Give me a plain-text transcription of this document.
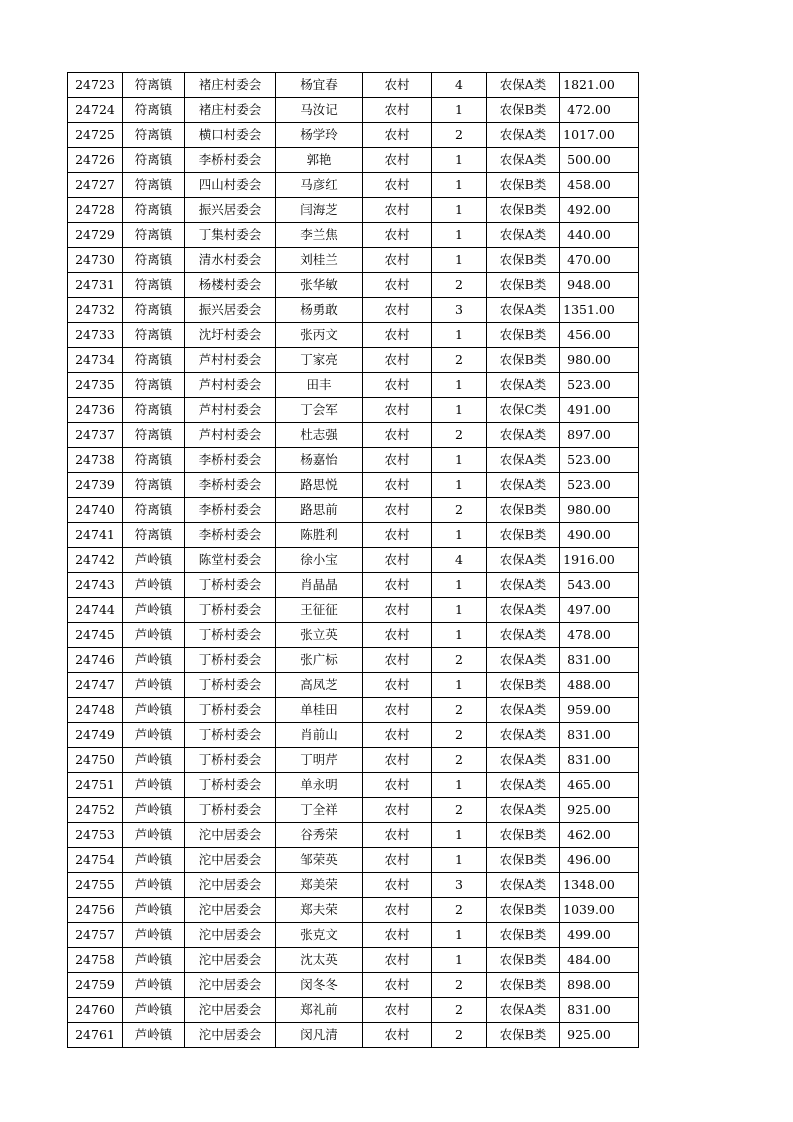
24723	符离镇	褚庄村委会	杨宜春	农村	4	农保A类	1821.00
24724	符离镇	褚庄村委会	马汝记	农村	1	农保B类	472.00
24725	符离镇	横口村委会	杨学玲	农村	2	农保A类	1017.00
24726	符离镇	李桥村委会	郭艳	农村	1	农保A类	500.00
24727	符离镇	四山村委会	马彦红	农村	1	农保B类	458.00
24728	符离镇	振兴居委会	闫海芝	农村	1	农保B类	492.00
24729	符离镇	丁集村委会	李兰焦	农村	1	农保A类	440.00
24730	符离镇	清水村委会	刘桂兰	农村	1	农保B类	470.00
24731	符离镇	杨楼村委会	张华敏	农村	2	农保B类	948.00
24732	符离镇	振兴居委会	杨勇敢	农村	3	农保A类	1351.00
24733	符离镇	沈圩村委会	张丙文	农村	1	农保B类	456.00
24734	符离镇	芦村村委会	丁家亮	农村	2	农保B类	980.00
24735	符离镇	芦村村委会	田丰	农村	1	农保A类	523.00
24736	符离镇	芦村村委会	丁会军	农村	1	农保C类	491.00
24737	符离镇	芦村村委会	杜志强	农村	2	农保A类	897.00
24738	符离镇	李桥村委会	杨嘉怡	农村	1	农保A类	523.00
24739	符离镇	李桥村委会	路思悦	农村	1	农保A类	523.00
24740	符离镇	李桥村委会	路思前	农村	2	农保B类	980.00
24741	符离镇	李桥村委会	陈胜利	农村	1	农保B类	490.00
24742	芦岭镇	陈堂村委会	徐小宝	农村	4	农保A类	1916.00
24743	芦岭镇	丁桥村委会	肖晶晶	农村	1	农保A类	543.00
24744	芦岭镇	丁桥村委会	王征征	农村	1	农保A类	497.00
24745	芦岭镇	丁桥村委会	张立英	农村	1	农保A类	478.00
24746	芦岭镇	丁桥村委会	张广标	农村	2	农保A类	831.00
24747	芦岭镇	丁桥村委会	高凤芝	农村	1	农保B类	488.00
24748	芦岭镇	丁桥村委会	单桂田	农村	2	农保A类	959.00
24749	芦岭镇	丁桥村委会	肖前山	农村	2	农保A类	831.00
24750	芦岭镇	丁桥村委会	丁明芹	农村	2	农保A类	831.00
24751	芦岭镇	丁桥村委会	单永明	农村	1	农保A类	465.00
24752	芦岭镇	丁桥村委会	丁全祥	农村	2	农保A类	925.00
24753	芦岭镇	沱中居委会	谷秀荣	农村	1	农保B类	462.00
24754	芦岭镇	沱中居委会	邹荣英	农村	1	农保B类	496.00
24755	芦岭镇	沱中居委会	郑美荣	农村	3	农保A类	1348.00
24756	芦岭镇	沱中居委会	郑夫荣	农村	2	农保B类	1039.00
24757	芦岭镇	沱中居委会	张克文	农村	1	农保B类	499.00
24758	芦岭镇	沱中居委会	沈太英	农村	1	农保B类	484.00
24759	芦岭镇	沱中居委会	闵冬冬	农村	2	农保B类	898.00
24760	芦岭镇	沱中居委会	郑礼前	农村	2	农保A类	831.00
24761	芦岭镇	沱中居委会	闵凡清	农村	2	农保B类	925.00
